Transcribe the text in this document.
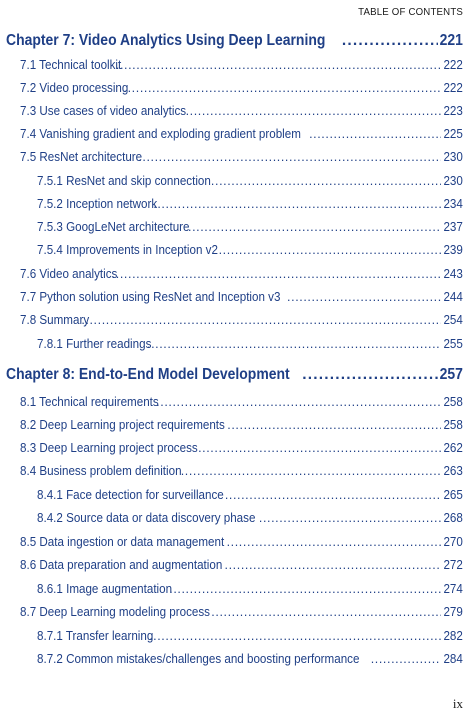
TABLE OF CONTENTS
Chapter 7: Video Analytics Using Deep Learning .....	221
7.1 Technical toolkit .....	222
7.2 Video processing .....	222
7.3 Use cases of video analytics .....	223
7.4 Vanishing gradient and exploding gradient problem .....	225
7.5 ResNet architecture .....	230
7.5.1 ResNet and skip connection .....	230
7.5.2 Inception network .....	234
7.5.3 GoogLeNet architecture .....	237
7.5.4 Improvements in Inception v2 .....	239
7.6 Video analytics .....	243
7.7 Python solution using ResNet and Inception v3 .....	244
7.8 Summary .....	254
7.8.1 Further readings .....	255
Chapter 8: End-to-End Model Development .....	257
8.1 Technical requirements .....	258
8.2 Deep Learning project requirements .....	258
8.3 Deep Learning project process .....	262
8.4 Business problem definition .....	263
8.4.1 Face detection for surveillance .....	265
8.4.2 Source data or data discovery phase .....	268
8.5 Data ingestion or data management .....	270
8.6 Data preparation and augmentation .....	272
8.6.1 Image augmentation .....	274
8.7 Deep Learning modeling process .....	279
8.7.1 Transfer learning .....	282
8.7.2 Common mistakes/challenges and boosting performance .....	284
ix
